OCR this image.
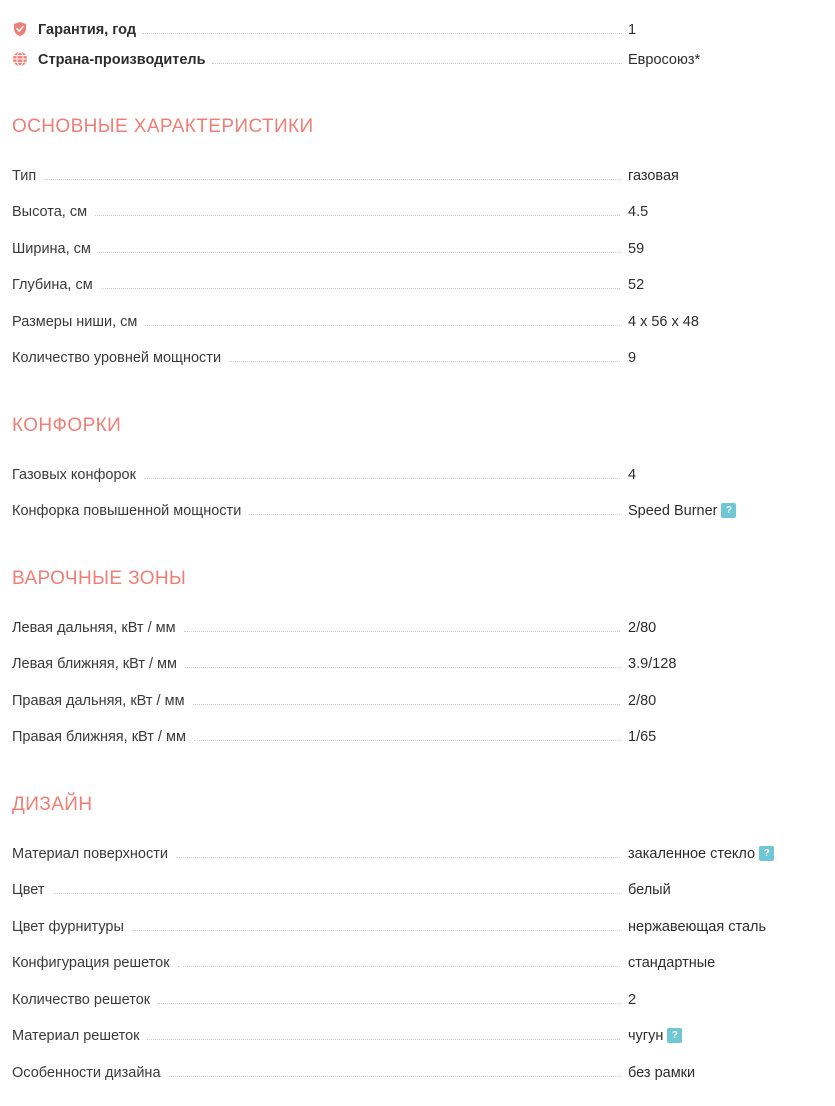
Гарантия, год	1
Страна-производитель	Евросоюз*
ОСНОВНЫЕ ХАРАКТЕРИСТИКИ
Тип	газовая
Высота, см	4.5
Ширина, см	59
Глубина, см	52
Размеры ниши, см	4 x 56 x 48
Количество уровней мощности	9
КОНФОРКИ
Газовых конфорок	4
Конфорка повышенной мощности	Speed Burner ?
ВАРОЧНЫЕ ЗОНЫ
Левая дальняя, кВт / мм	2/80
Левая ближняя, кВт / мм	3.9/128
Правая дальняя, кВт / мм	2/80
Правая ближняя, кВт / мм	1/65
ДИЗАЙН
Материал поверхности	закаленное стекло ?
Цвет	белый
Цвет фурнитуры	нержавеющая сталь
Конфигурация решеток	стандартные
Количество решеток	2
Материал решеток	чугун ?
Особенности дизайна	без рамки
